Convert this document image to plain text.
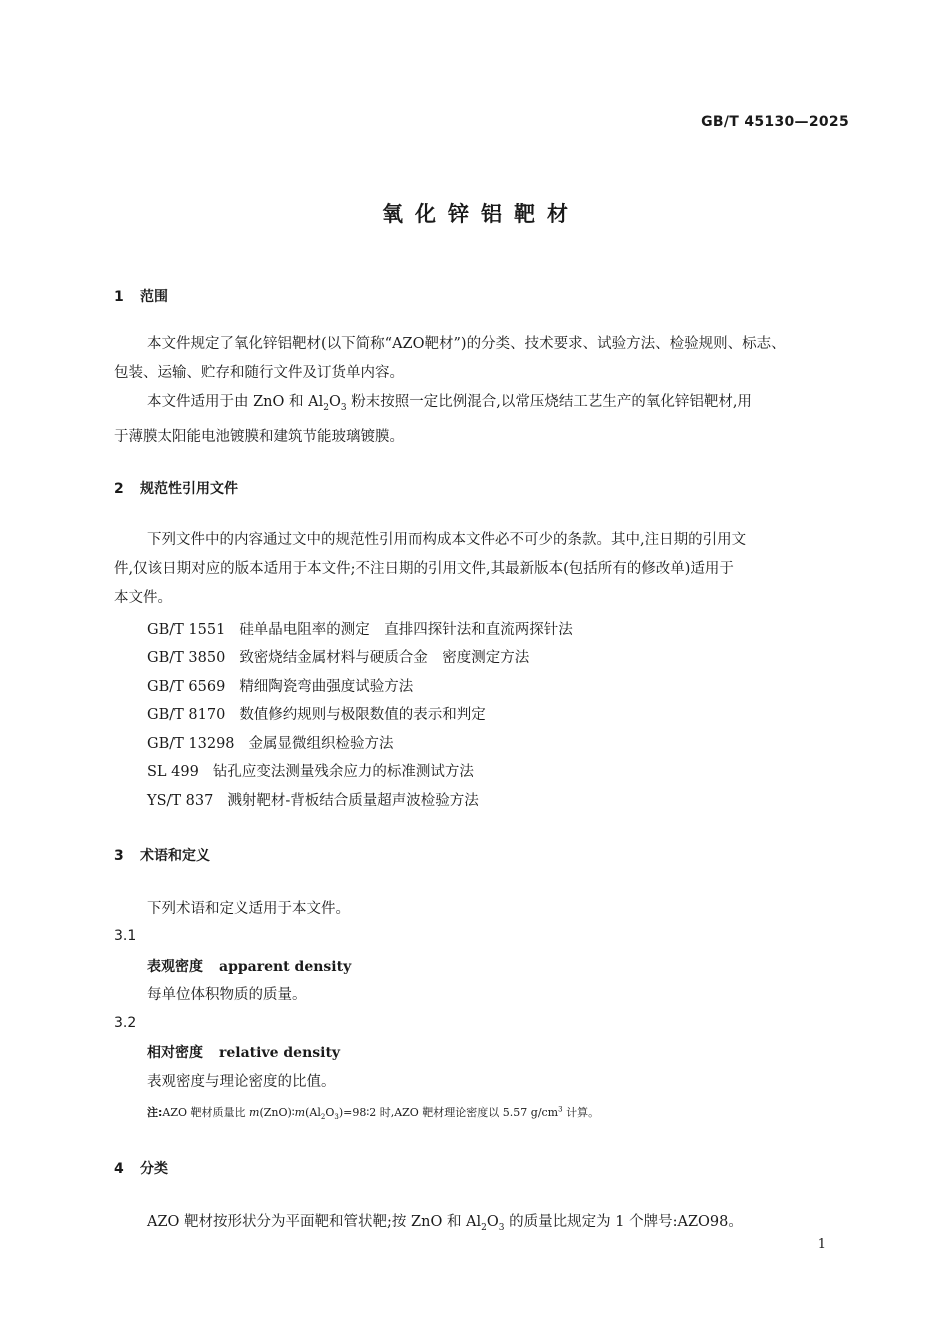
GB/T 45130—2025
氧化锌铝靶材
1 范围
本文件规定了氧化锌铝靶材(以下简称“AZO靶材”)的分类、技术要求、试验方法、检验规则、标志、
包装、运输、贮存和随行文件及订货单内容。
本文件适用于由 ZnO 和 $Al_2O_3$ 粉末按照一定比例混合,以常压烧结工艺生产的氧化锌铝靶材,用
于薄膜太阳能电池镀膜和建筑节能玻璃镀膜。
2 规范性引用文件
下列文件中的内容通过文中的规范性引用而构成本文件必不可少的条款。其中,注日期的引用文
件,仅该日期对应的版本适用于本文件;不注日期的引用文件,其最新版本(包括所有的修改单)适用于
本文件。
GB/T 1551 硅单晶电阻率的测定　直排四探针法和直流两探针法
GB/T 3850 致密烧结金属材料与硬质合金　密度测定方法
GB/T 6569 精细陶瓷弯曲强度试验方法
GB/T 8170 数值修约规则与极限数值的表示和判定
GB/T 13298 金属显微组织检验方法
SL 499 钻孔应变法测量残余应力的标准测试方法
YS/T 837 溅射靶材-背板结合质量超声波检验方法
3 术语和定义
下列术语和定义适用于本文件。
3.1
表观密度 apparent density
每单位体积物质的质量。
3.2
相对密度 relative density
表观密度与理论密度的比值。
注:AZO 靶材质量比 $m(ZnO)∶m(Al_2O_3)=98∶2$ 时,AZO 靶材理论密度以 5.57 $g/cm^3$ 计算。
4 分类
AZO 靶材按形状分为平面靶和管状靶;按 ZnO 和 $Al_2O_3$ 的质量比规定为 1 个牌号:AZO98。
1
